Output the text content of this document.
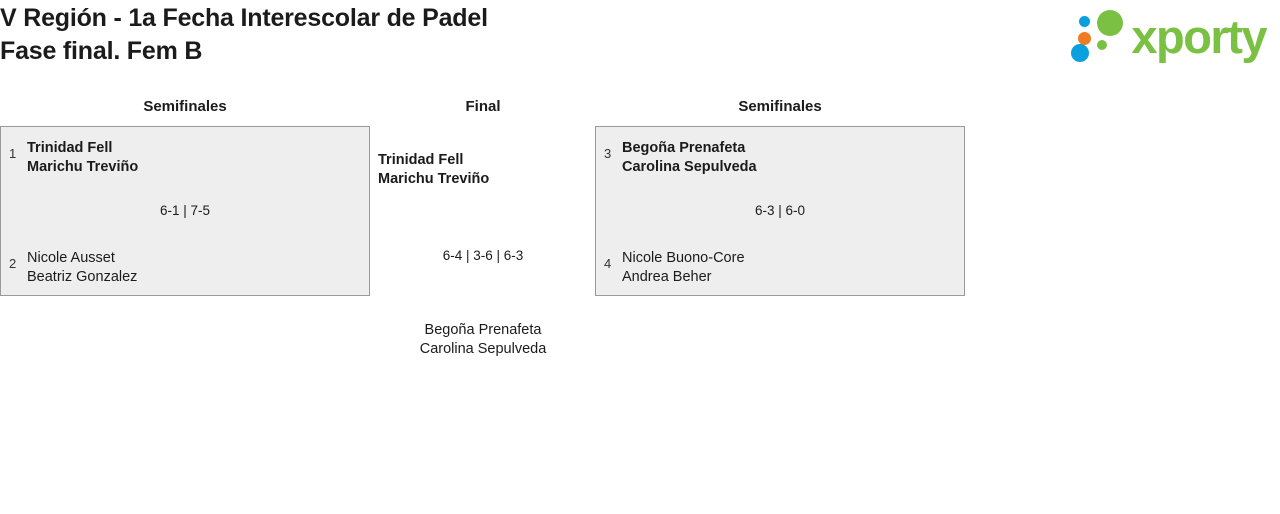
V Región - 1a Fecha Interescolar de Padel
Fase final. Fem B	xporty
Semifinales	Final	Semifinales
1 Trinidad Fell
Marichu Treviño
6-1 | 7-5
2 Nicole Ausset
Beatriz Gonzalez
3 Begoña Prenafeta
Carolina Sepulveda
6-3 | 6-0
4 Nicole Buono-Core
Andrea Beher
Trinidad Fell
Marichu Treviño
6-4 | 3-6 | 6-3
Begoña Prenafeta
Carolina Sepulveda
